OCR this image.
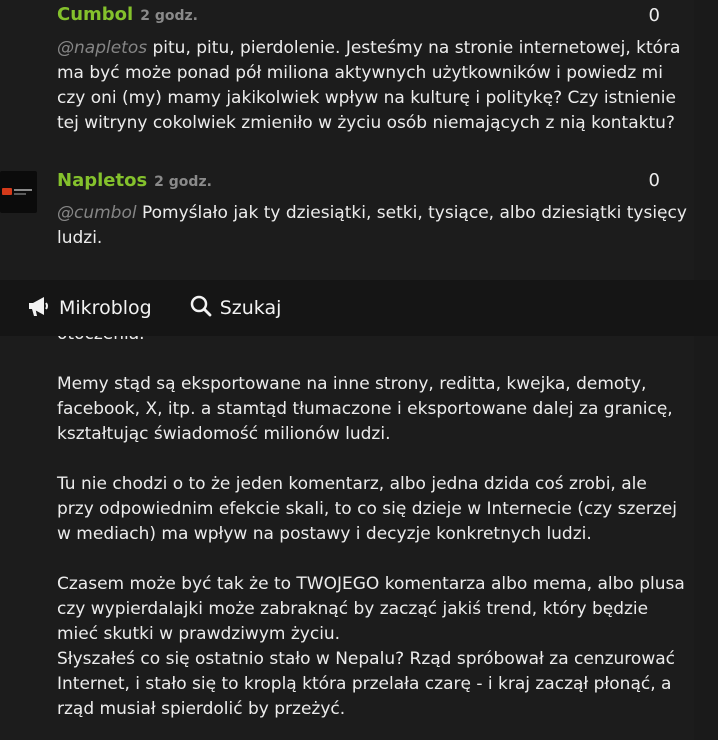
Cumbol 2 godz.	0
@napletos pitu, pitu, pierdolenie. Jesteśmy na stronie internetowej, która
ma być może ponad pół miliona aktywnych użytkowników i powiedz mi
czy oni (my) mamy jakikolwiek wpływ na kulturę i politykę? Czy istnienie
tej witryny cokolwiek zmieniło w życiu osób niemających z nią kontaktu?
Napletos 2 godz.	0
@cumbol Pomyślało jak ty dziesiątki, setki, tysiące, albo dziesiątki tysięcy
ludzi.
Memy stąd są eksportowane na inne strony, reditta, kwejka, demoty,
facebook, X, itp. a stamtąd tłumaczone i eksportowane dalej za granicę,
kształtując świadomość milionów ludzi.
Tu nie chodzi o to że jeden komentarz, albo jedna dzida coś zrobi, ale
przy odpowiednim efekcie skali, to co się dzieje w Internecie (czy szerzej
w mediach) ma wpływ na postawy i decyzje konkretnych ludzi.
Czasem może być tak że to TWOJEGO komentarza albo mema, albo plusa
czy wypierdalajki może zabraknąć by zacząć jakiś trend, który będzie
mieć skutki w prawdziwym życiu.
Słyszałeś co się ostatnio stało w Nepalu? Rząd spróbował za cenzurować
Internet, i stało się to kroplą która przelała czarę - i kraj zaczął płonąć, a
rząd musiał spierdolić by przeżyć.
Mikroblog	Szukaj
